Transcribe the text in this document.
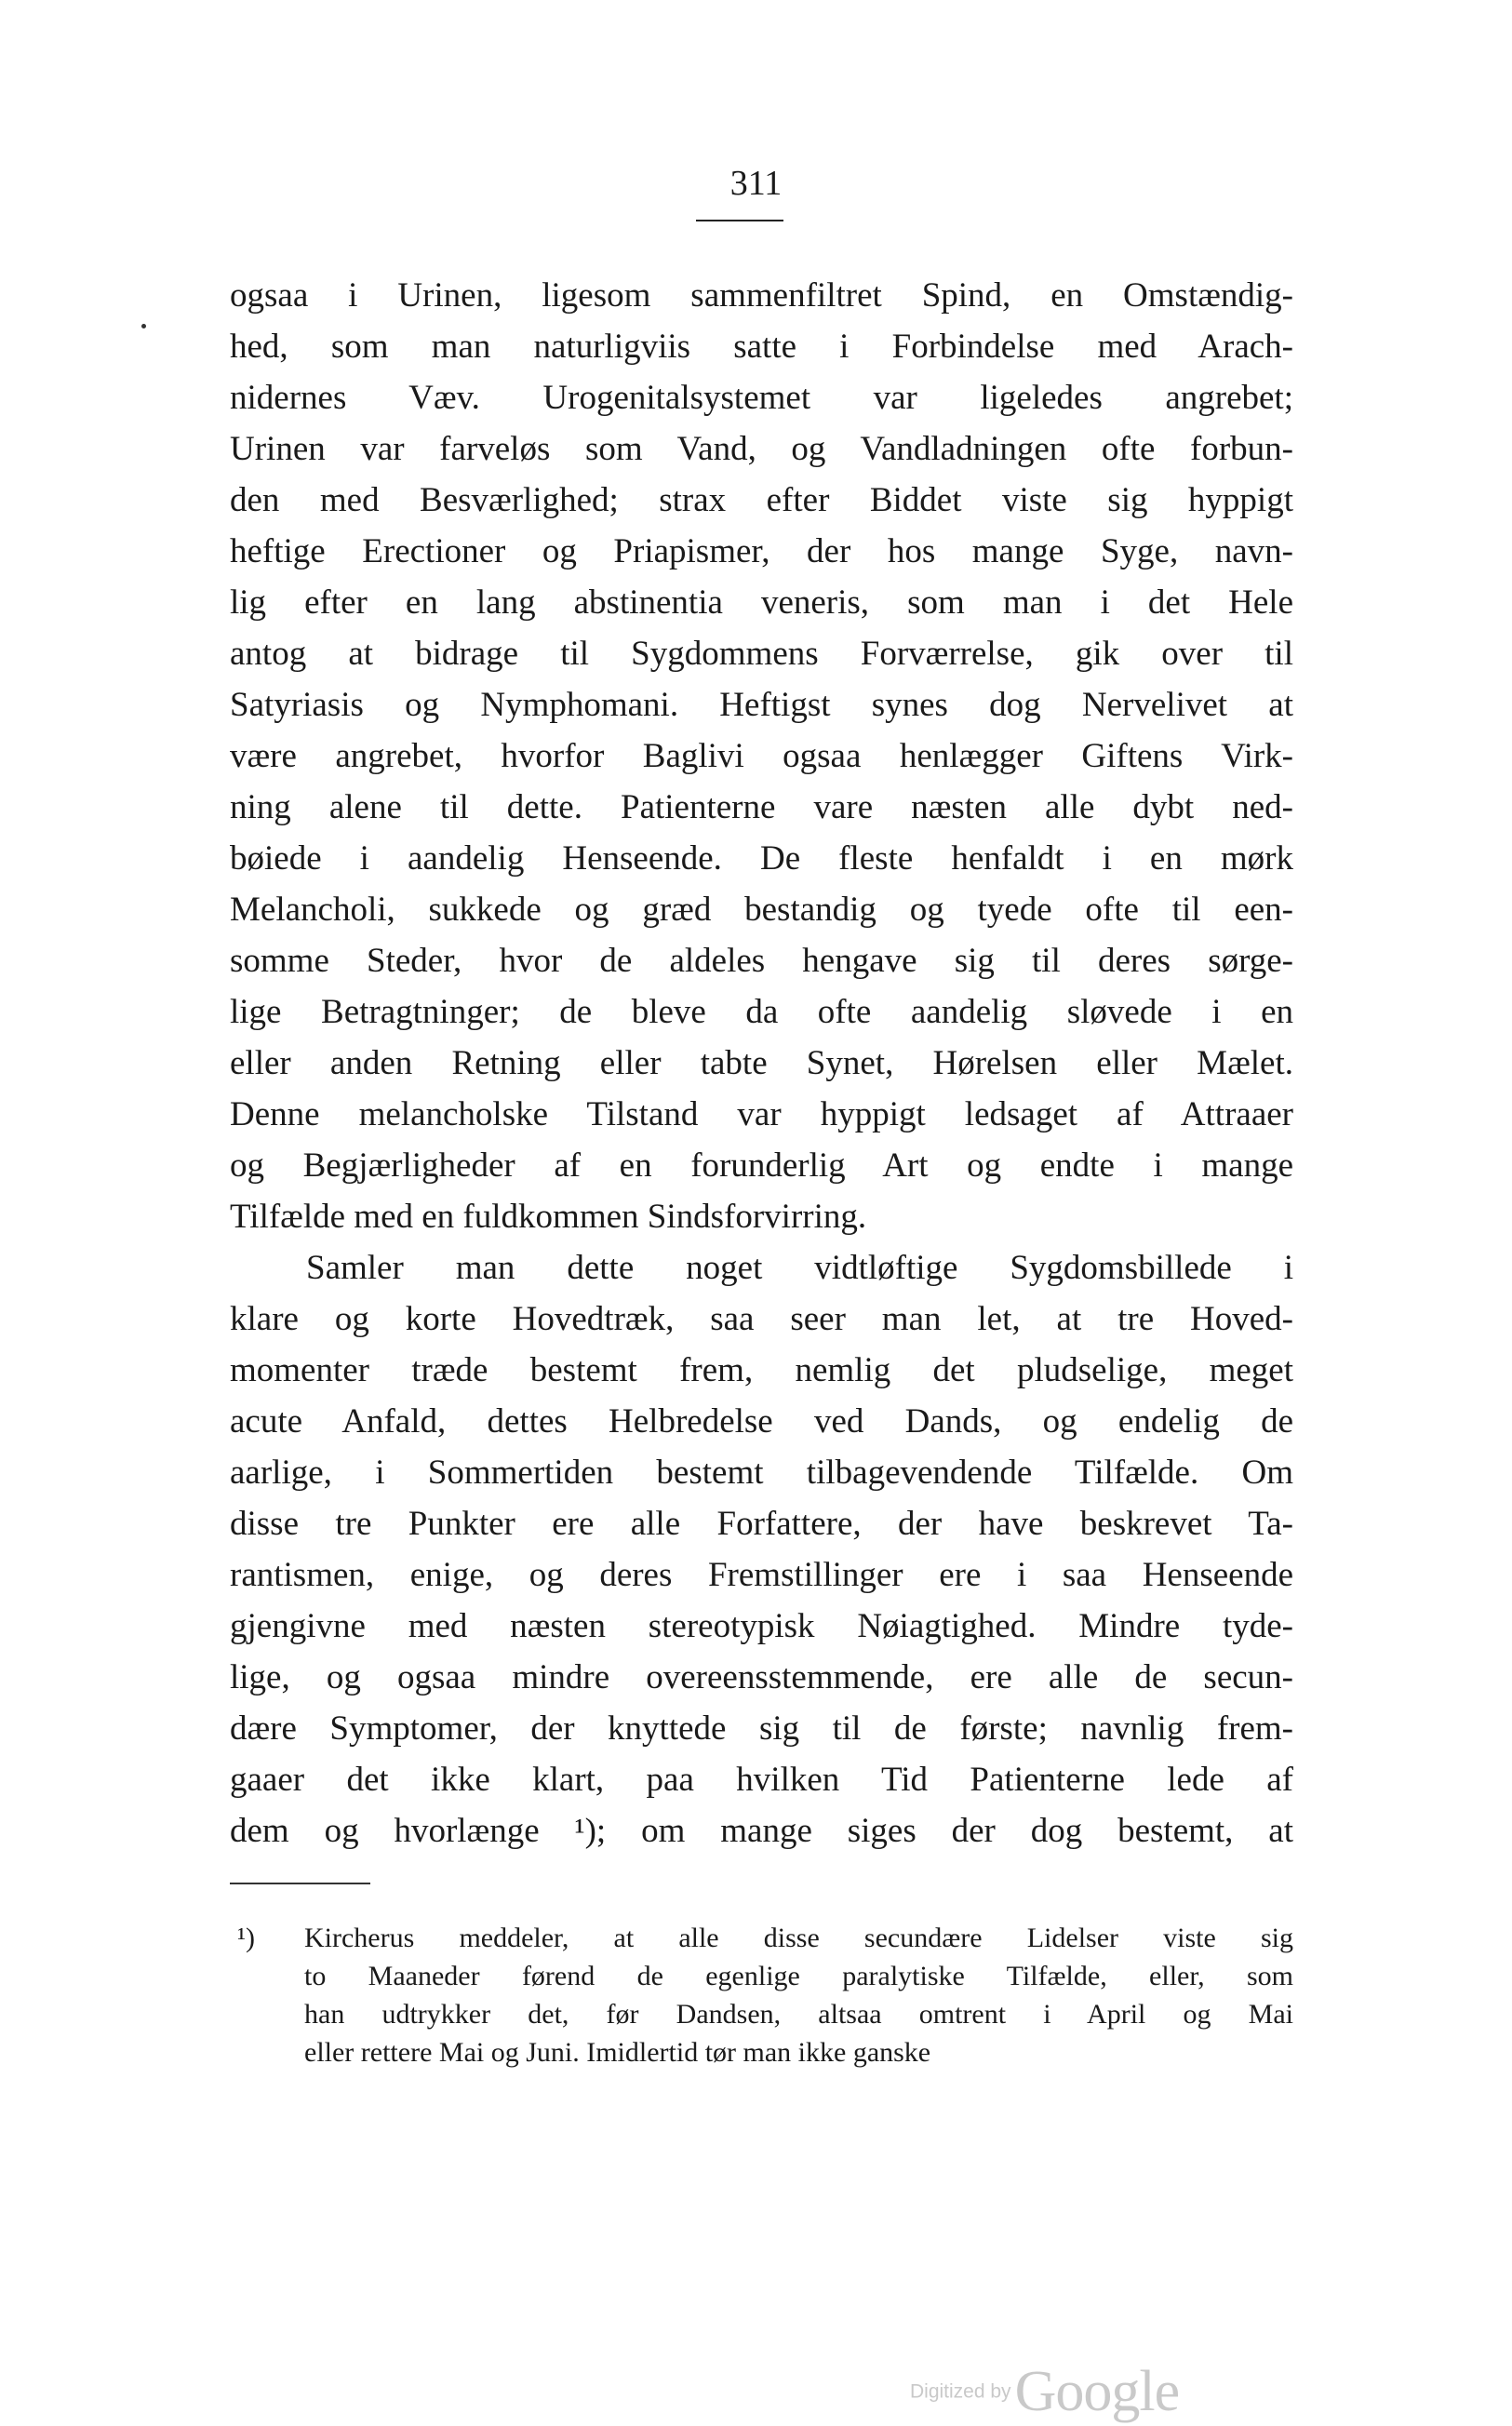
311
ogsaa i Urinen, ligesom sammenfiltret Spind, en Omstændig-
hed, som man naturligviis satte i Forbindelse med Arach-
nidernes Væv. Urogenitalsystemet var ligeledes angrebet;
Urinen var farveløs som Vand, og Vandladningen ofte forbun-
den med Besværlighed; strax efter Biddet viste sig hyppigt
heftige Erectioner og Priapismer, der hos mange Syge, navn-
lig efter en lang abstinentia veneris, som man i det Hele
antog at bidrage til Sygdommens Forværrelse, gik over til
Satyriasis og Nymphomani. Heftigst synes dog Nervelivet at
være angrebet, hvorfor Baglivi ogsaa henlægger Giftens Virk-
ning alene til dette. Patienterne vare næsten alle dybt ned-
bøiede i aandelig Henseende. De fleste henfaldt i en mørk
Melancholi, sukkede og græd bestandig og tyede ofte til een-
somme Steder, hvor de aldeles hengave sig til deres sørge-
lige Betragtninger; de bleve da ofte aandelig sløvede i en
eller anden Retning eller tabte Synet, Hørelsen eller Mælet.
Denne melancholske Tilstand var hyppigt ledsaget af Attraaer
og Begjærligheder af en forunderlig Art og endte i mange
Tilfælde med en fuldkommen Sindsforvirring.
Samler man dette noget vidtløftige Sygdomsbillede i
klare og korte Hovedtræk, saa seer man let, at tre Hoved-
momenter træde bestemt frem, nemlig det pludselige, meget
acute Anfald, dettes Helbredelse ved Dands, og endelig de
aarlige, i Sommertiden bestemt tilbagevendende Tilfælde. Om
disse tre Punkter ere alle Forfattere, der have beskrevet Ta-
rantismen, enige, og deres Fremstillinger ere i saa Henseende
gjengivne med næsten stereotypisk Nøiagtighed. Mindre tyde-
lige, og ogsaa mindre overeensstemmende, ere alle de secun-
dære Symptomer, der knyttede sig til de første; navnlig frem-
gaaer det ikke klart, paa hvilken Tid Patienterne lede af
dem og hvorlænge ¹); om mange siges der dog bestemt, at
¹) Kircherus meddeler, at alle disse secundære Lidelser viste sig
to Maaneder førend de egenlige paralytiske Tilfælde, eller, som
han udtrykker det, før Dandsen, altsaa omtrent i April og Mai
eller rettere Mai og Juni. Imidlertid tør man ikke ganske
Digitized by Google
